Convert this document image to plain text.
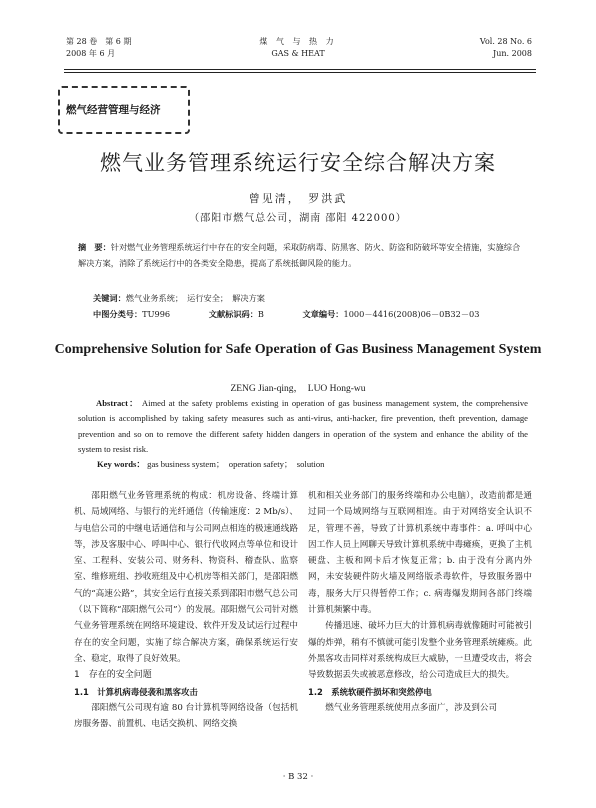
第 28 卷　第 6 期
2008 年 6 月
煤 气 与 热 力
GAS & HEAT
Vol. 28 No. 6
Jun. 2008
燃气经营管理与经济
燃气业务管理系统运行安全综合解决方案
曾见清，　罗洪武
（邵阳市燃气总公司，湖南 邵阳 422000）
摘　要：针对燃气业务管理系统运行中存在的安全问题，采取防病毒、防黑客、防火、防盗和防破坏等安全措施，实施综合解决方案，消除了系统运行中的各类安全隐患，提高了系统抵御风险的能力。
关键词：燃气业务系统；　运行安全；　解决方案
中图分类号：TU996	文献标识码：B	文章编号：1000－4416(2008)06－0B32－03
Comprehensive Solution for Safe Operation of Gas Business Management System
ZENG Jian-qing，　LUO Hong-wu
Abstract： Aimed at the safety problems existing in operation of gas business management system, the comprehensive solution is accomplished by taking safety measures such as anti-virus, anti-hacker, fire prevention, theft prevention, damage prevention and so on to remove the different safety hidden dangers in operation of the system and enhance the ability of the system to resist risk.
Key words： gas business system；　operation safety；　solution

邵阳燃气业务管理系统的构成：机房设备、终端计算机、局域网络、与银行的光纤通信（传输速度：2 Mb/s）、与电信公司的中继电话通信和与公司网点相连的极速通线路等，涉及客服中心、呼叫中心、银行代收网点等单位和设计室、工程科、安装公司、财务科、物资科、稽查队、监察室、维修班组、抄收班组及中心机房等相关部门，是邵阳燃气的“高速公路”，其安全运行直接关系到邵阳市燃气总公司（以下简称“邵阳燃气公司”）的发展。邵阳燃气公司针对燃气业务管理系统在网络环境建设、软件开发及试运行过程中存在的安全问题，实施了综合解决方案，确保系统运行安全、稳定，取得了良好效果。

1　存在的安全问题

1.1　计算机病毒侵袭和黑客攻击

邵阳燃气公司现有逾 80 台计算机等网络设备（包括机房服务器、前置机、电话交换机、网络交换

机和相关业务部门的服务终端和办公电脑），改造前都是通过同一个局域网络与互联网相连。由于对网络安全认识不足，管理不善，导致了计算机系统中毒事件：a. 呼叫中心因工作人员上网聊天导致计算机系统中毒瘫痪，更换了主机硬盘、主板和网卡后才恢复正常；b. 由于没有分离内外网，未安装硬件防火墙及网络版杀毒软件，导致服务器中毒，服务大厅只得暂停工作；c. 病毒爆发期间各部门终端计算机频繁中毒。

传播迅速、破坏力巨大的计算机病毒就像随时可能被引爆的炸弹，稍有不慎就可能引发整个业务管理系统瘫痪。此外黑客攻击同样对系统构成巨大威胁，一旦遭受攻击，将会导致数据丢失或被恶意修改，给公司造成巨大的损失。

1.2　系统软硬件损坏和突然停电

燃气业务管理系统使用点多面广，涉及到公司

· B 32 ·
